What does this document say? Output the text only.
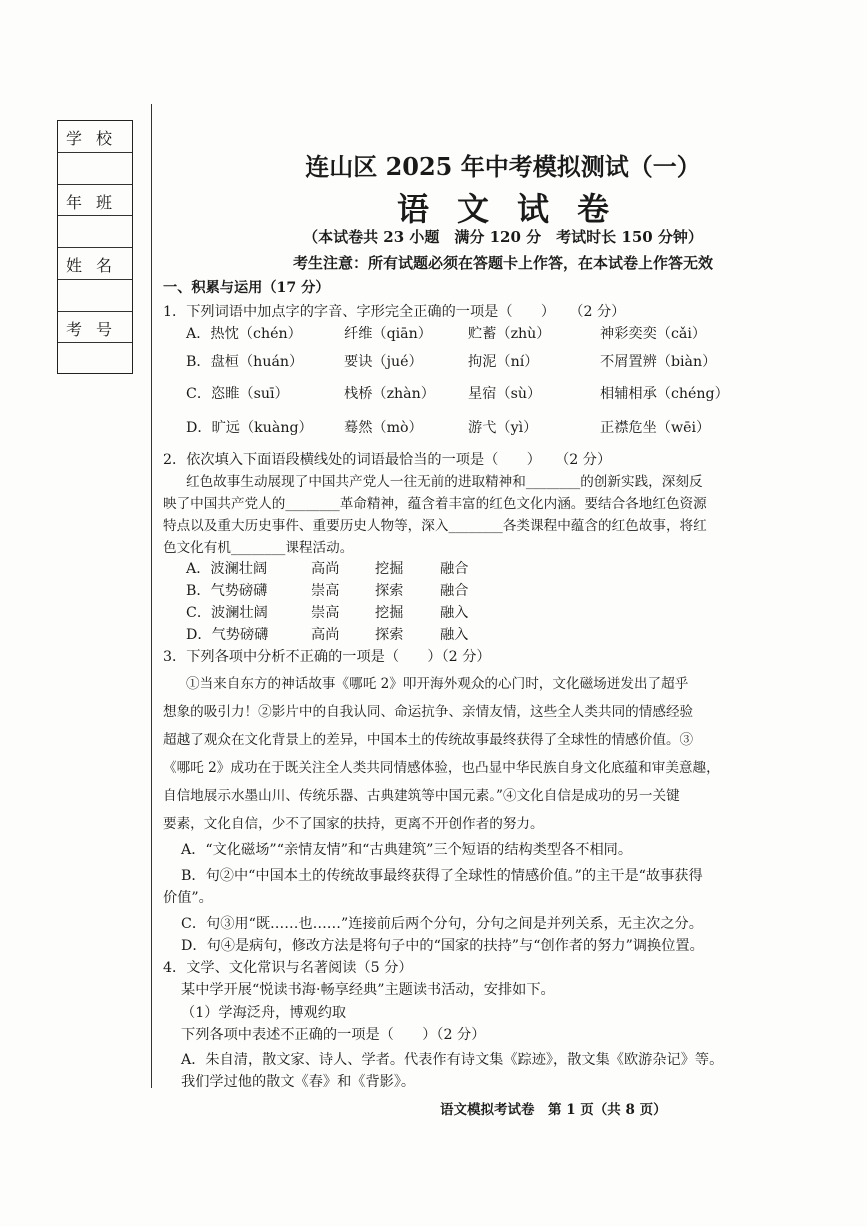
学校
年班
姓名
考号
连山区 2025 年中考模拟测试（一）
语文试卷
（本试卷共 23 小题　满分 120 分　考试时长 150 分钟）
考生注意：所有试题必须在答题卡上作答，在本试卷上作答无效
一、积累与运用（17 分）
1．下列词语中加点字的字音、字形完全正确的一项是（　　）　　（2 分）
A．热忱（chén）	纤维（qiān）	贮蓄（zhù）	神彩奕奕（cǎi）
B．盘桓（huán）	要诀（jué）	拘泥（ní）	不屑置辨（biàn）
C．恣睢（suī）	栈桥（zhàn） 星宿（sù）	相辅相承（chéng）
D．旷远（kuàng） 蓦然（mò）	游弋（yì）	正襟危坐（wēi）
2．依次填入下面语段横线处的词语最恰当的一项是（　　）　　（2 分）
红色故事生动展现了中国共产党人一往无前的进取精神和________的创新实践，深刻反
映了中国共产党人的________革命精神，蕴含着丰富的红色文化内涵。要结合各地红色资源
特点以及重大历史事件、重要历史人物等，深入________各类课程中蕴含的红色故事，将红
色文化有机________课程活动。
A．波澜壮阔	高尚	挖掘	融合
B．气势磅礴	崇高	探索	融合
C．波澜壮阔	崇高	挖掘	融入
D．气势磅礴	高尚	探索	融入
3．下列各项中分析不正确的一项是（　　）（2 分）
①当来自东方的神话故事《哪吒 2》叩开海外观众的心门时，文化磁场迸发出了超乎
想象的吸引力！②影片中的自我认同、命运抗争、亲情友情，这些全人类共同的情感经验
超越了观众在文化背景上的差异，中国本土的传统故事最终获得了全球性的情感价值。③
《哪吒 2》成功在于既关注全人类共同情感体验，也凸显中华民族自身文化底蕴和审美意趣，
自信地展示水墨山川、传统乐器、古典建筑等中国元素。”④文化自信是成功的另一关键
要素，文化自信，少不了国家的扶持，更离不开创作者的努力。
A．“文化磁场”“亲情友情”和“古典建筑”三个短语的结构类型各不相同。
B．句②中“中国本土的传统故事最终获得了全球性的情感价值。”的主干是“故事获得
价值”。
C．句③用“既……也……”连接前后两个分句，分句之间是并列关系，无主次之分。
D．句④是病句，修改方法是将句子中的“国家的扶持”与“创作者的努力”调换位置。
4．文学、文化常识与名著阅读（5 分）
某中学开展“悦读书海·畅享经典”主题读书活动，安排如下。
（1）学海泛舟，博观约取
下列各项中表述不正确的一项是（　　）（2 分）
A．朱自清，散文家、诗人、学者。代表作有诗文集《踪迹》，散文集《欧游杂记》等。
我们学过他的散文《春》和《背影》。
语文模拟考试卷　第 1 页（共 8 页）
